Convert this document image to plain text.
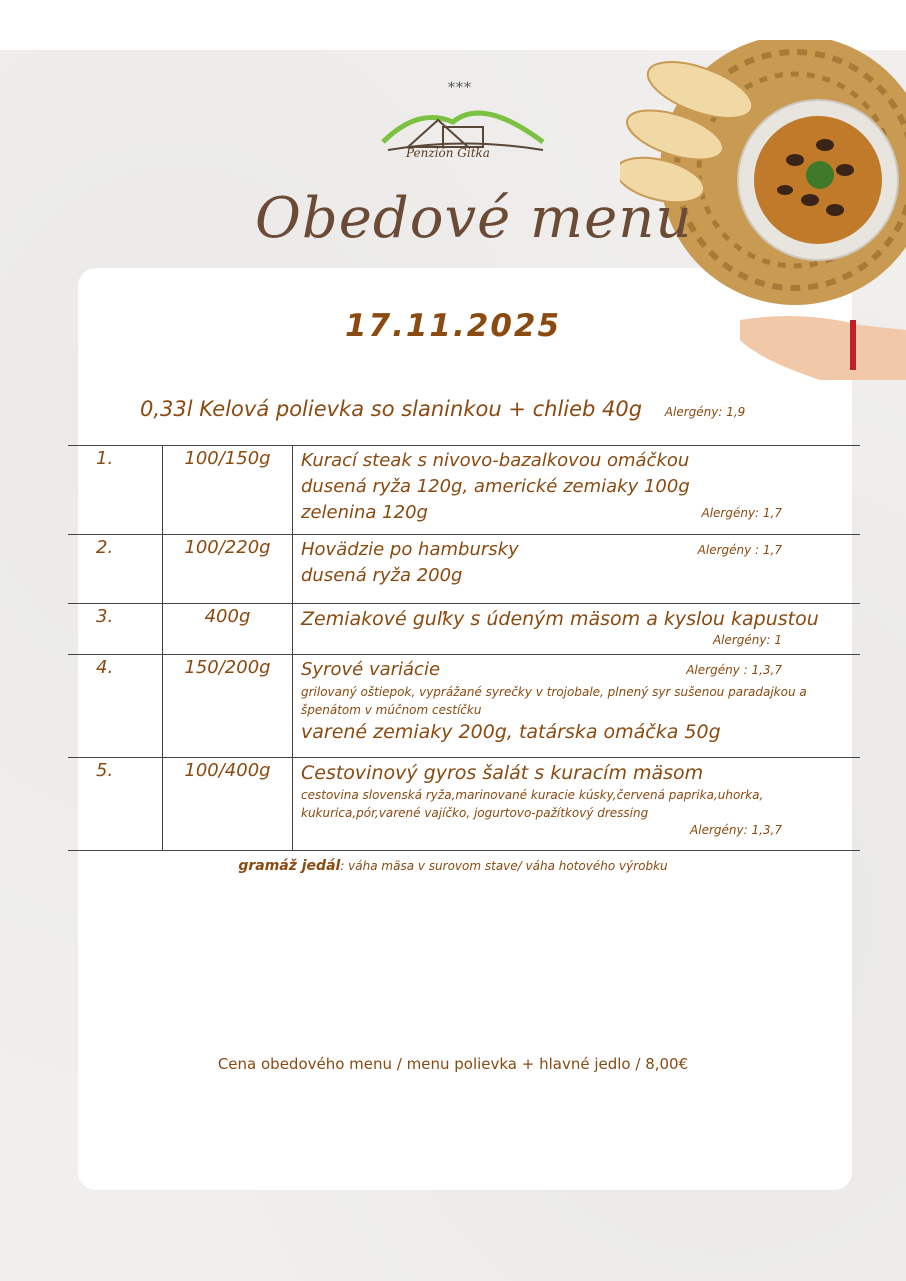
***
Penzión Gitka
Obedové menu
17.11.2025
0,33l Kelová polievka so slaninkou + chlieb 40g Alergény: 1,9
1.	100/150g	Kurací steak s nivovo-bazalkovou omáčkou
dusená ryža 120g, americké zemiaky 100g
zelenina 120g Alergény: 1,7

2.	100/220g	Hovädzie po hambursky Alergény : 1,7
dusená ryža 200g

3.	400g	Zemiakové guľky s údeným mäsom a kyslou kapustou
Alergény: 1

4.	150/200g	Syrové variácie Alergény : 1,3,7
grilovaný oštiepok, vyprážané syrečky v trojobale, plnený syr sušenou paradajkou a špenátom v múčnom cestíčku
varené zemiaky 200g, tatárska omáčka 50g

5.	100/400g	Cestovinový gyros šalát s kuracím mäsom
cestovina slovenská ryža,marinované kuracie kúsky,červená paprika,uhorka, kukurica,pór,varené vajíčko, jogurtovo-pažítkový dressing
Alergény: 1,3,7
gramáž jedál: váha mäsa v surovom stave/ váha hotového výrobku
Cena obedového menu / menu polievka + hlavné jedlo / 8,00€
